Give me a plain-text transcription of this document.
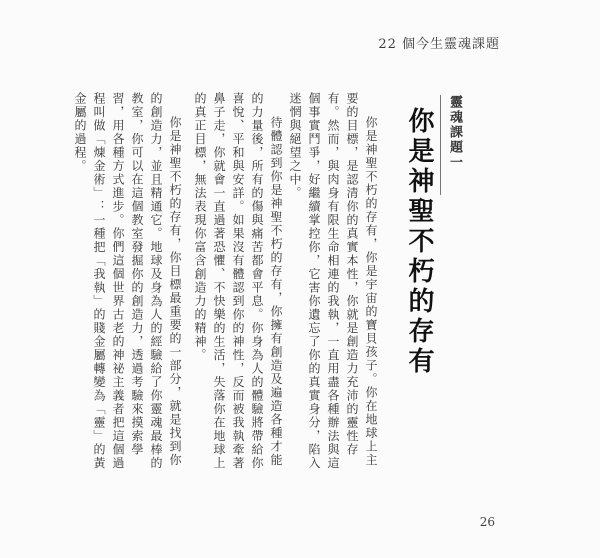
22 個今生靈魂課題
靈魂課題一
你是神聖不朽的存有

你是神聖不朽的存有，你是宇宙的寶貝孩子。你在地球上主要的目標，是認清你的真實本性，你就是創造力充沛的靈性存有。然而，與肉身有限生命相連的我執，一直用盡各種辦法與這個事實鬥爭，好繼續掌控你，它害你遺忘了你的真實身分，陷入迷惘與絕望之中。

待體認到你是神聖不朽的存有，你擁有創造及遍造各種才能的力量後，所有的傷與痛苦都會平息。你身為人的體驗將帶給你喜悅、平和與安詳。如果沒有體認到你的神性，反而被我執牽著鼻子走，你就會一直過著恐懼、不快樂的生活，失落你在地球上的真正目標，無法表現你富含創造力的精神。

你是神聖不朽的存有，你目標最重要的一部分，就是找到你的創造力，並且精通它。地球及身為人的經驗給了你靈魂最棒的教室，你可以在這個教室發掘你的創造力，透過考驗來摸索學習，用各種方式進步。你們這個世界古老的神祕主義者把這個過程叫做「煉金術」：一種把「我執」的賤金屬轉變為「靈」的黃金屬的過程。

26
